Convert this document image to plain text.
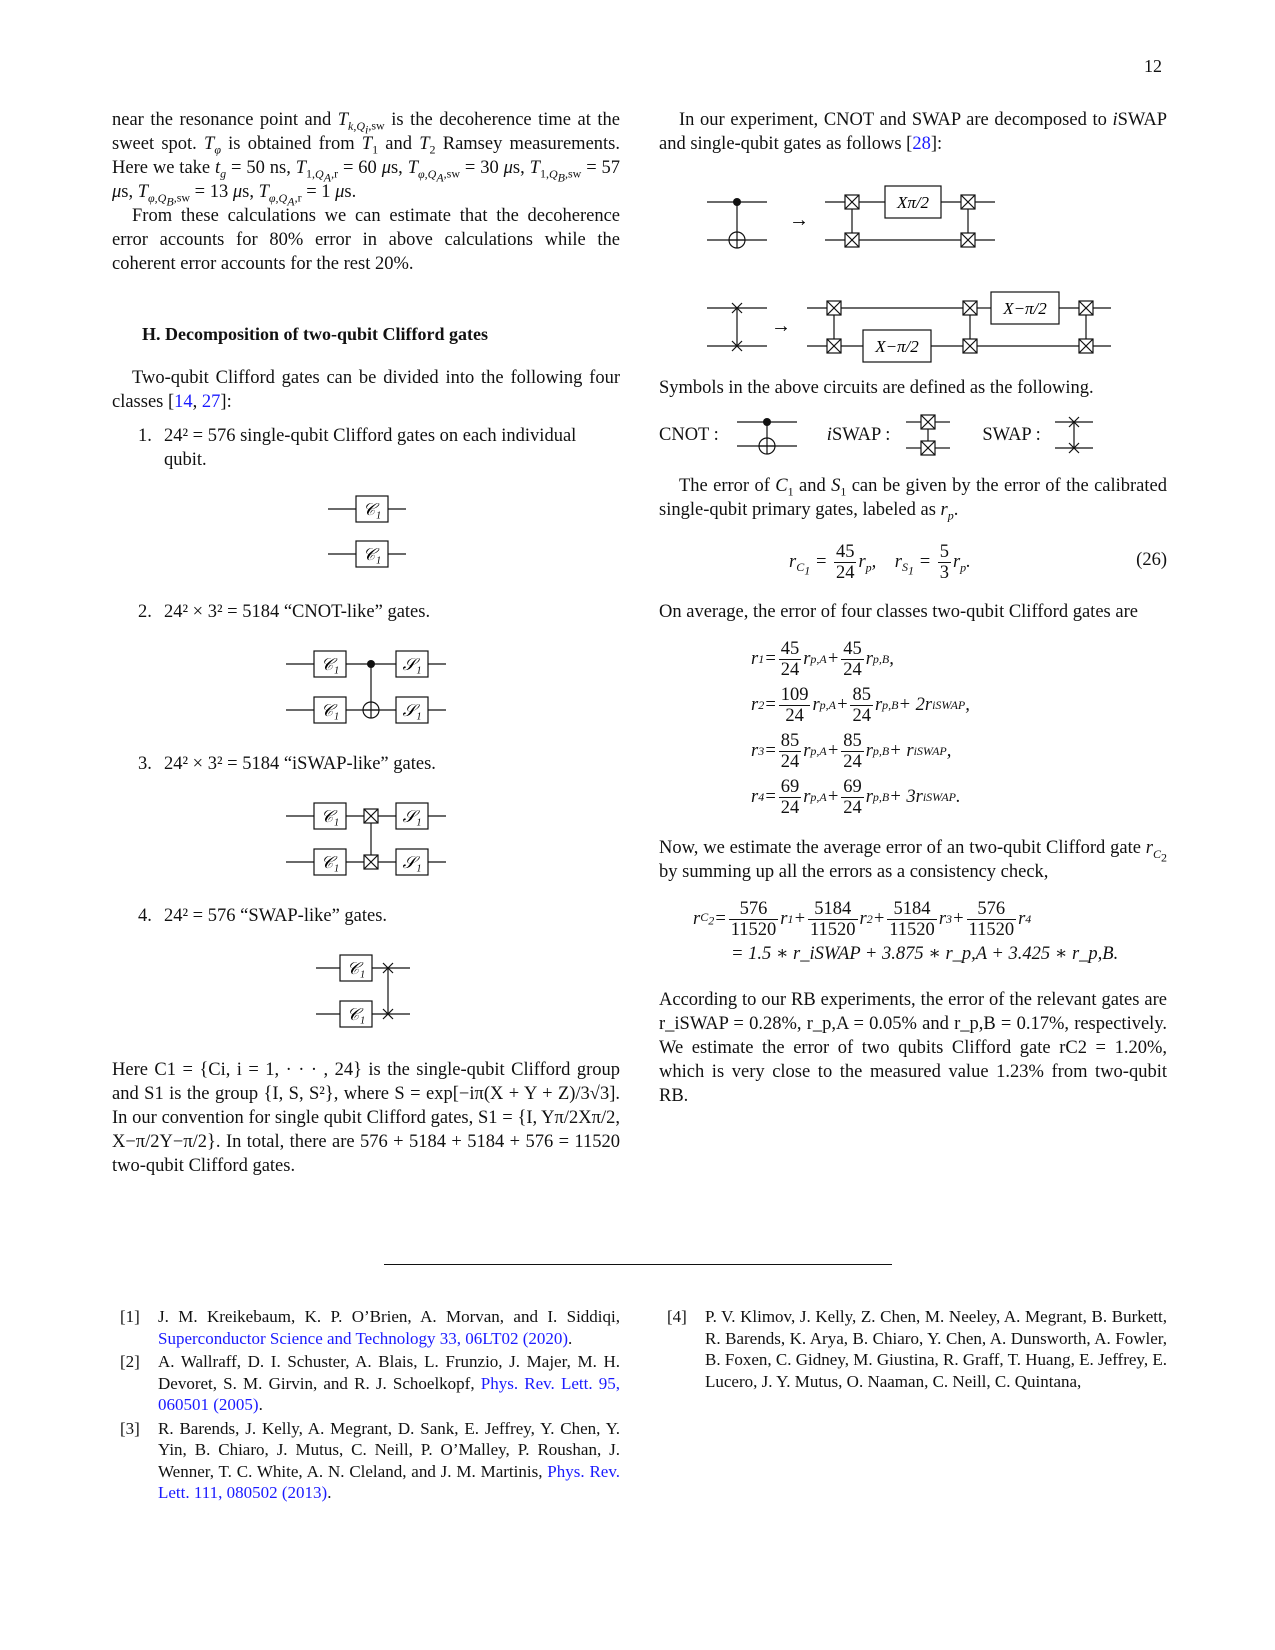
12

near the resonance point and $T_{k,Q_i,sw}$ is the decoherence time at the sweet spot. $T_\varphi$ is obtained from $T_1$ and $T_2$ Ramsey measurements. Here we take $t_g = 50$ ns, $T_{1,Q_A,r} = 60$ μs, $T_{\varphi,Q_A,sw} = 30$ μs, $T_{1,Q_B,sw} = 57$ μs, $T_{\varphi,Q_B,sw} = 13$ μs, $T_{\varphi,Q_A,r} = 1$ μs.

From these calculations we can estimate that the decoherence error accounts for 80% error in above calculations while the coherent error accounts for the rest 20%.

H. Decomposition of two-qubit Clifford gates

Two-qubit Clifford gates can be divided into the following four classes [14, 27]:

1. 24² = 576 single-qubit Clifford gates on each individual qubit.
𝒞₁
𝒞₁
2. 24² × 3² = 5184 “CNOT-like” gates.
𝒞₁
𝒞₁
𝒮₁
𝒮₁
3. 24² × 3² = 5184 “iSWAP-like” gates.
𝒞₁
𝒞₁
𝒮₁
𝒮₁
4. 24² = 576 “SWAP-like” gates.
𝒞₁
𝒞₁

Here C1 = {Ci, i = 1, · · · , 24} is the single-qubit Clifford group and S1 is the group {I, S, S²}, where S = exp[−iπ(X + Y + Z)/3√3]. In our convention for single qubit Clifford gates, S1 = {I, Yπ/2Xπ/2, X−π/2Y−π/2}. In total, there are 576 + 5184 + 5184 + 576 = 11520 two-qubit Clifford gates.

In our experiment, CNOT and SWAP are decomposed to iSWAP and single-qubit gates as follows [28]:

→
Xπ/2
→
X−π/2
X−π/2

Symbols in the above circuits are defined as the following.

CNOT :	iSWAP :	SWAP :

The error of $C_1$ and $S_1$ can be given by the error of the calibrated single-qubit primary gates, labeled as $r_p$.

$r_{C_1} = \frac{45}{24} r_p$,    $r_{S_1} = \frac{5}{3} r_p$.	(26)

On average, the error of four classes two-qubit Clifford gates are

r $1 = \frac{45}{24}$ r $p,A + \frac{45}{24}$ r p,B ,
r $2 = \frac{109}{24}$ r $p,A + \frac{85}{24}$ r p,B + 2r iSWAP ,
r $3 = \frac{85}{24}$ r $p,A + \frac{85}{24}$ r p,B + r iSWAP ,
r $4 = \frac{69}{24}$ r $p,A + \frac{69}{24}$ r p,B + 3r iSWAP .

Now, we estimate the average error of an two-qubit Clifford gate $r_{C_2}$ by summing up all the errors as a consistency check,

r $C_2 = \frac{576}{11520}$ r $1 + \frac{5184}{11520}$ r $2 + \frac{5184}{11520}$ r $3 + \frac{576}{11520}$ r 4
= 1.5 ∗ r_iSWAP + 3.875 ∗ r_p,A + 3.425 ∗ r_p,B.

According to our RB experiments, the error of the relevant gates are r_iSWAP = 0.28%, r_p,A = 0.05% and r_p,B = 0.17%, respectively. We estimate the error of two qubits Clifford gate rC2 = 1.20%, which is very close to the measured value 1.23% from two-qubit RB.

[1] J. M. Kreikebaum, K. P. O’Brien, A. Morvan, and I. Siddiqi, Superconductor Science and Technology 33, 06LT02 (2020).
[2] A. Wallraff, D. I. Schuster, A. Blais, L. Frunzio, J. Majer, M. H. Devoret, S. M. Girvin, and R. J. Schoelkopf, Phys. Rev. Lett. 95, 060501 (2005).
[3] R. Barends, J. Kelly, A. Megrant, D. Sank, E. Jeffrey, Y. Chen, Y. Yin, B. Chiaro, J. Mutus, C. Neill, P. O’Malley, P. Roushan, J. Wenner, T. C. White, A. N. Cleland, and J. M. Martinis, Phys. Rev. Lett. 111, 080502 (2013).
[4] P. V. Klimov, J. Kelly, Z. Chen, M. Neeley, A. Megrant, B. Burkett, R. Barends, K. Arya, B. Chiaro, Y. Chen, A. Dunsworth, A. Fowler, B. Foxen, C. Gidney, M. Giustina, R. Graff, T. Huang, E. Jeffrey, E. Lucero, J. Y. Mutus, O. Naaman, C. Neill, C. Quintana,
